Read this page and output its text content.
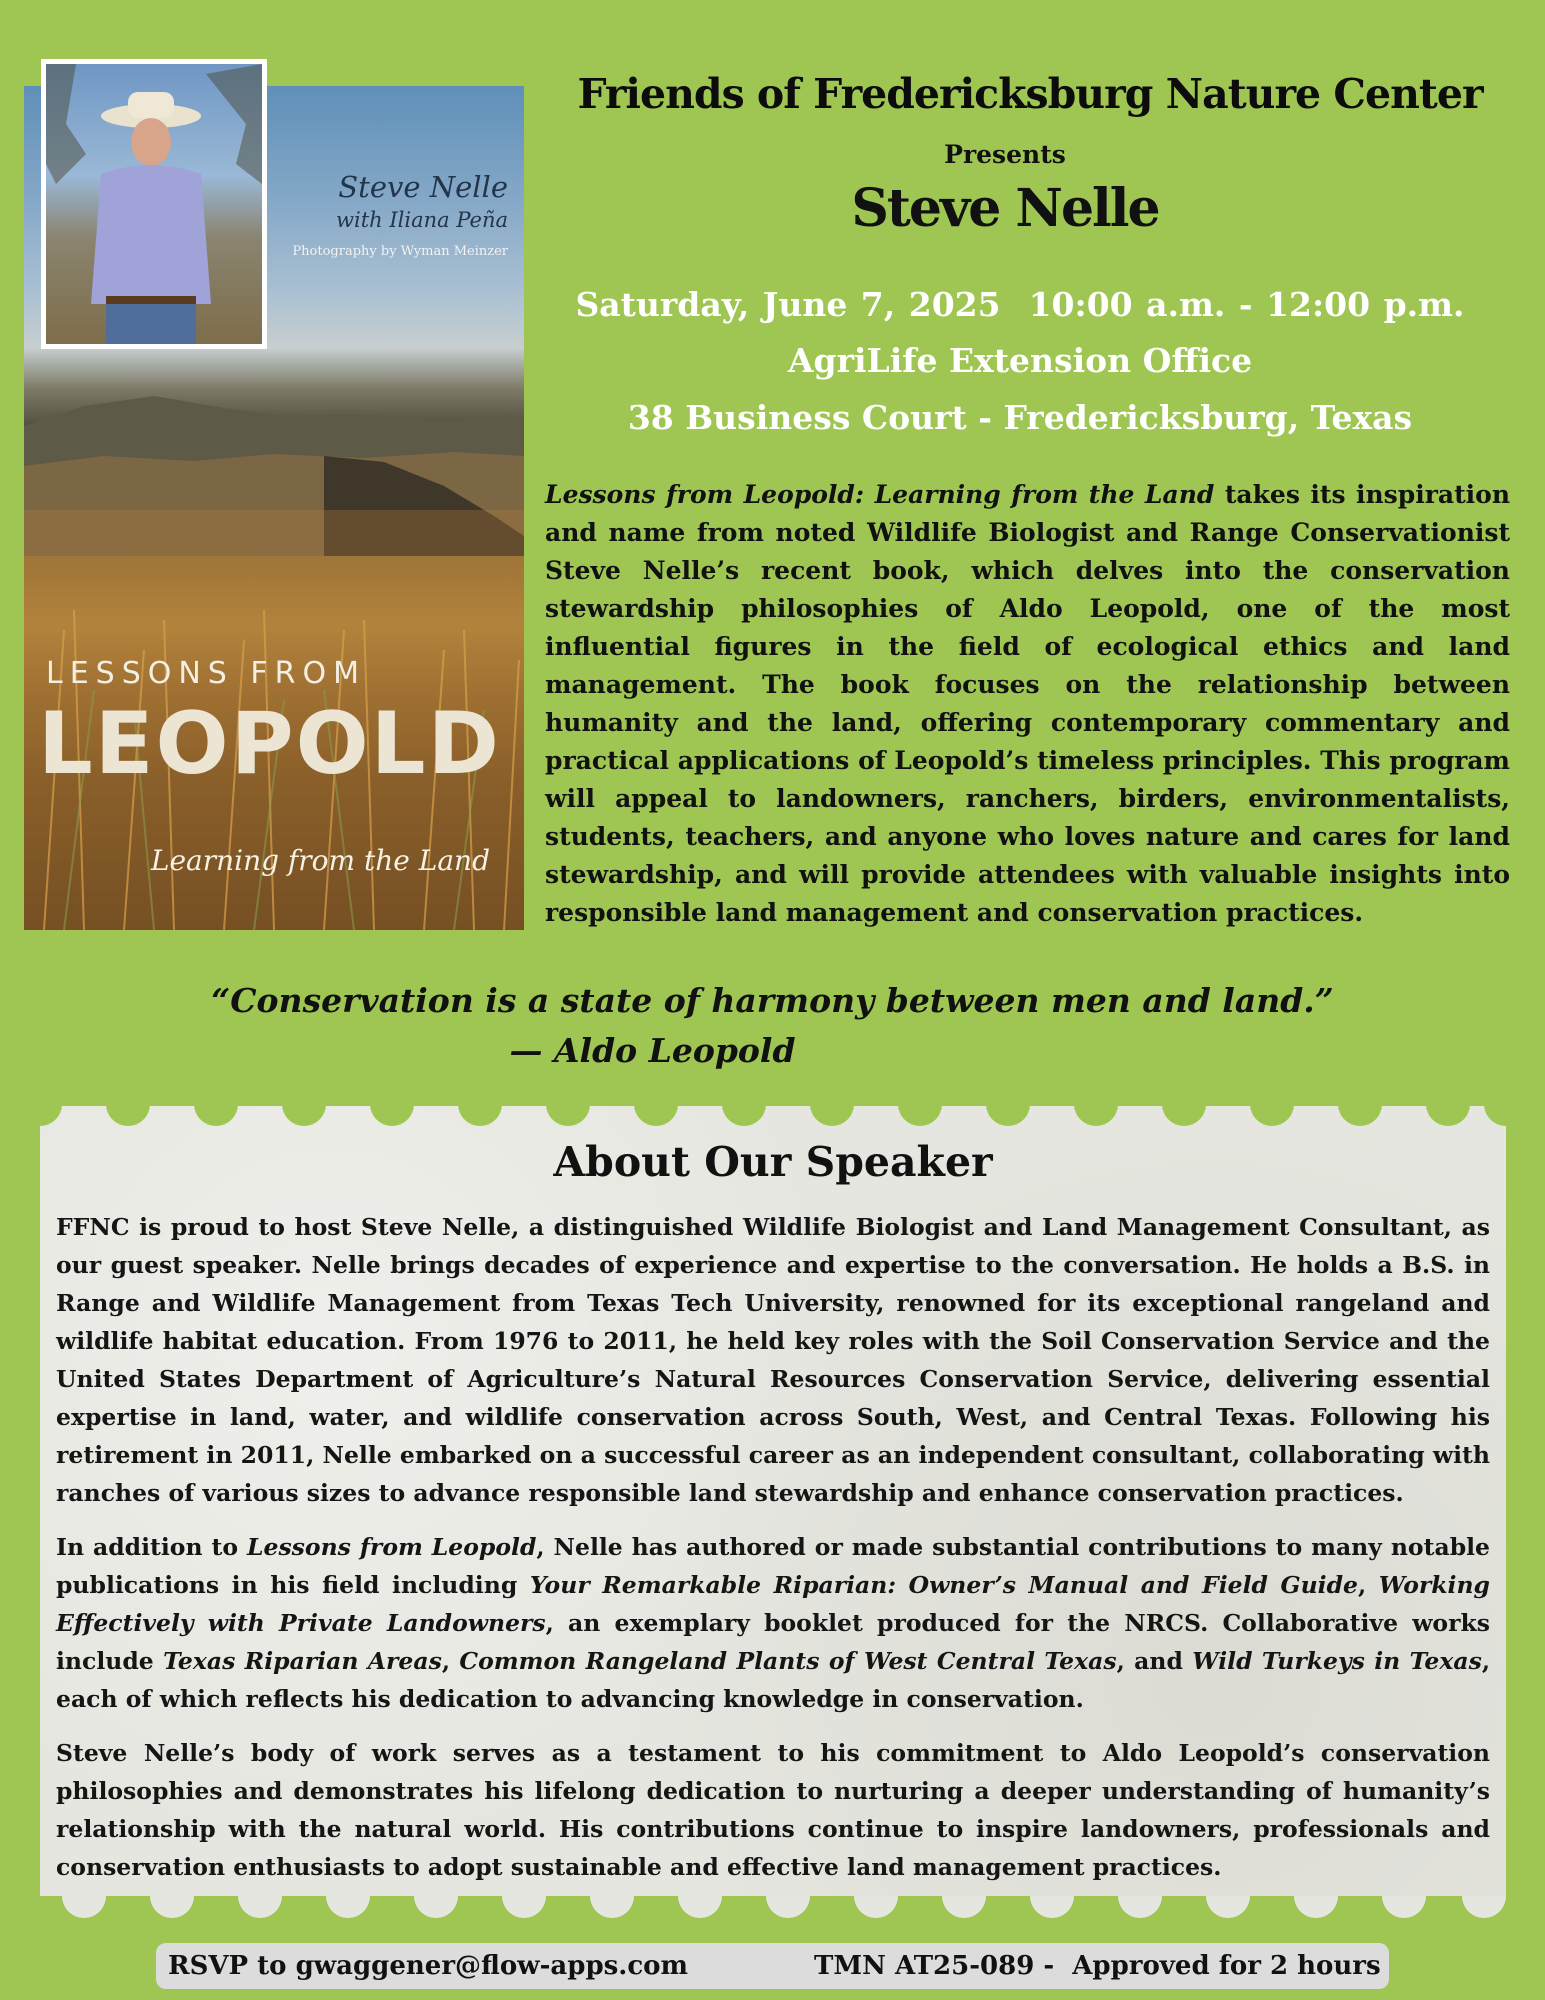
Steve Nelle
with Iliana Peña
Photography by Wyman Meinzer
LESSONS FROM
LEOPOLD
Learning from the Land
Friends of Fredericksburg Nature Center
Presents
Steve Nelle
Saturday, June 7, 2025 10:00 a.m. - 12:00 p.m.
AgriLife Extension Office
38 Business Court - Fredericksburg, Texas
Lessons from Leopold: Learning from the Land takes its inspiration and name from noted Wildlife Biologist and Range Conservationist Steve Nelle’s recent book, which delves into the conservation stewardship philosophies of Aldo Leopold, one of the most influential figures in the field of ecological ethics and land management. The book focuses on the relationship between humanity and the land, offering contemporary commentary and practical applications of Leopold’s timeless principles. This program will appeal to landowners, ranchers, birders, environmentalists, students, teachers, and anyone who loves nature and cares for land stewardship, and will provide attendees with valuable insights into responsible land management and conservation practices.
“Conservation is a state of harmony between men and land.”
— Aldo Leopold
About Our Speaker

FFNC is proud to host Steve Nelle, a distinguished Wildlife Biologist and Land Management Consultant, as our guest speaker. Nelle brings decades of experience and expertise to the conversation. He holds a B.S. in Range and Wildlife Management from Texas Tech University, renowned for its exceptional rangeland and wildlife habitat education. From 1976 to 2011, he held key roles with the Soil Conservation Service and the United States Department of Agriculture’s Natural Resources Conservation Service, delivering essential expertise in land, water, and wildlife conservation across South, West, and Central Texas. Following his retirement in 2011, Nelle embarked on a successful career as an independent consultant, collaborating with ranches of various sizes to advance responsible land stewardship and enhance conservation practices.

In addition to Lessons from Leopold, Nelle has authored or made substantial contributions to many notable publications in his field including Your Remarkable Riparian: Owner’s Manual and Field Guide, Working Effectively with Private Landowners, an exemplary booklet produced for the NRCS. Collaborative works include Texas Riparian Areas, Common Rangeland Plants of West Central Texas, and Wild Turkeys in Texas, each of which reflects his dedication to advancing knowledge in conservation.

Steve Nelle’s body of work serves as a testament to his commitment to Aldo Leopold’s conservation philosophies and demonstrates his lifelong dedication to nurturing a deeper understanding of humanity’s relationship with the natural world. His contributions continue to inspire landowners, professionals and conservation enthusiasts to adopt sustainable and effective land management practices.

RSVP to gwaggener@flow-apps.com	TMN AT25-089 -  Approved for 2 hours
